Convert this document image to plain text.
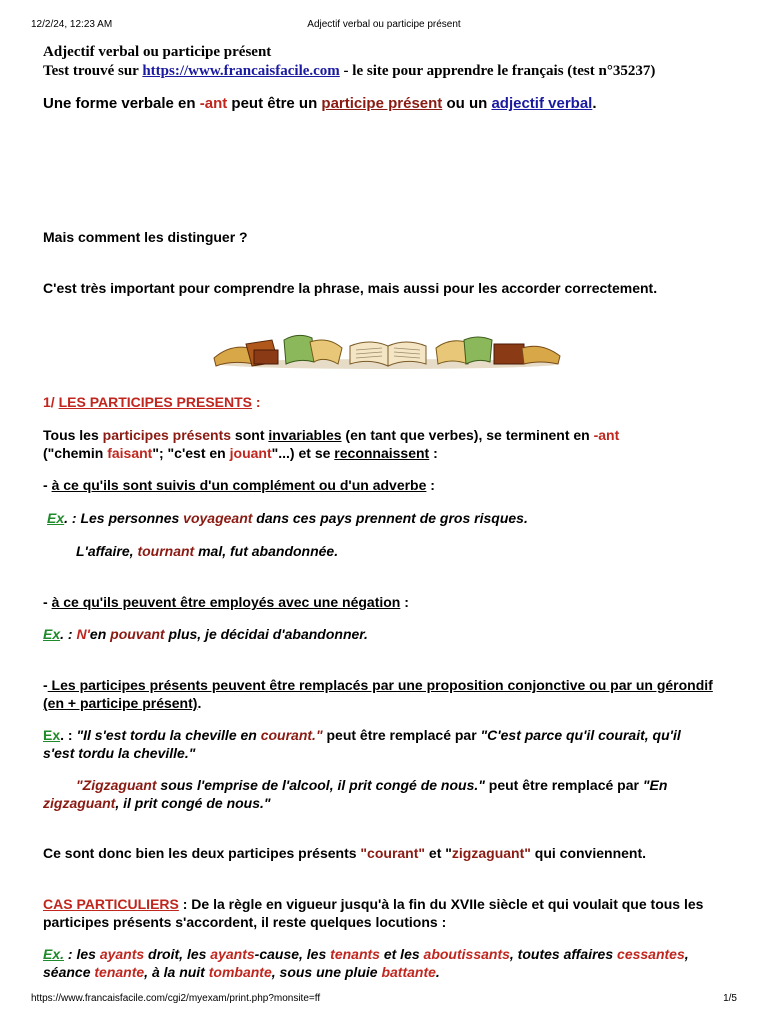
12/2/24, 12:23 AM	Adjectif verbal ou participe présent
Adjectif verbal ou participe présent
Test trouvé sur https://www.francaisfacile.com - le site pour apprendre le français (test n°35237)
Une forme verbale en -ant peut être un participe présent ou un adjectif verbal.
Mais comment les distinguer ?
C'est très important pour comprendre la phrase, mais aussi pour les accorder correctement.
1/ LES PARTICIPES PRESENTS :
Tous les participes présents sont invariables (en tant que verbes), se terminent en -ant
("chemin faisant"; "c'est en jouant"...) et se reconnaissent :
- à ce qu'ils sont suivis d'un complément ou d'un adverbe :
Ex. : Les personnes voyageant dans ces pays prennent de gros risques.
L'affaire, tournant mal, fut abandonnée.
- à ce qu'ils peuvent être employés avec une négation :
Ex. : N'en pouvant plus, je décidai d'abandonner.
- Les participes présents peuvent être remplacés par une proposition conjonctive ou par un gérondif (en + participe présent).
Ex. : "Il s'est tordu la cheville en courant." peut être remplacé par "C'est parce qu'il courait, qu'il s'est tordu la cheville."
"Zigzaguant sous l'emprise de l'alcool, il prit congé de nous." peut être remplacé par "En zigzaguant, il prit congé de nous."
Ce sont donc bien les deux participes présents "courant" et "zigzaguant" qui conviennent.
CAS PARTICULIERS : De la règle en vigueur jusqu'à la fin du XVIIe siècle et qui voulait que tous les participes présents s'accordent, il reste quelques locutions :
Ex. : les ayants droit, les ayants-cause, les tenants et les aboutissants, toutes affaires cessantes, séance tenante, à la nuit tombante, sous une pluie battante.
https://www.francaisfacile.com/cgi2/myexam/print.php?monsite=ff	1/5
